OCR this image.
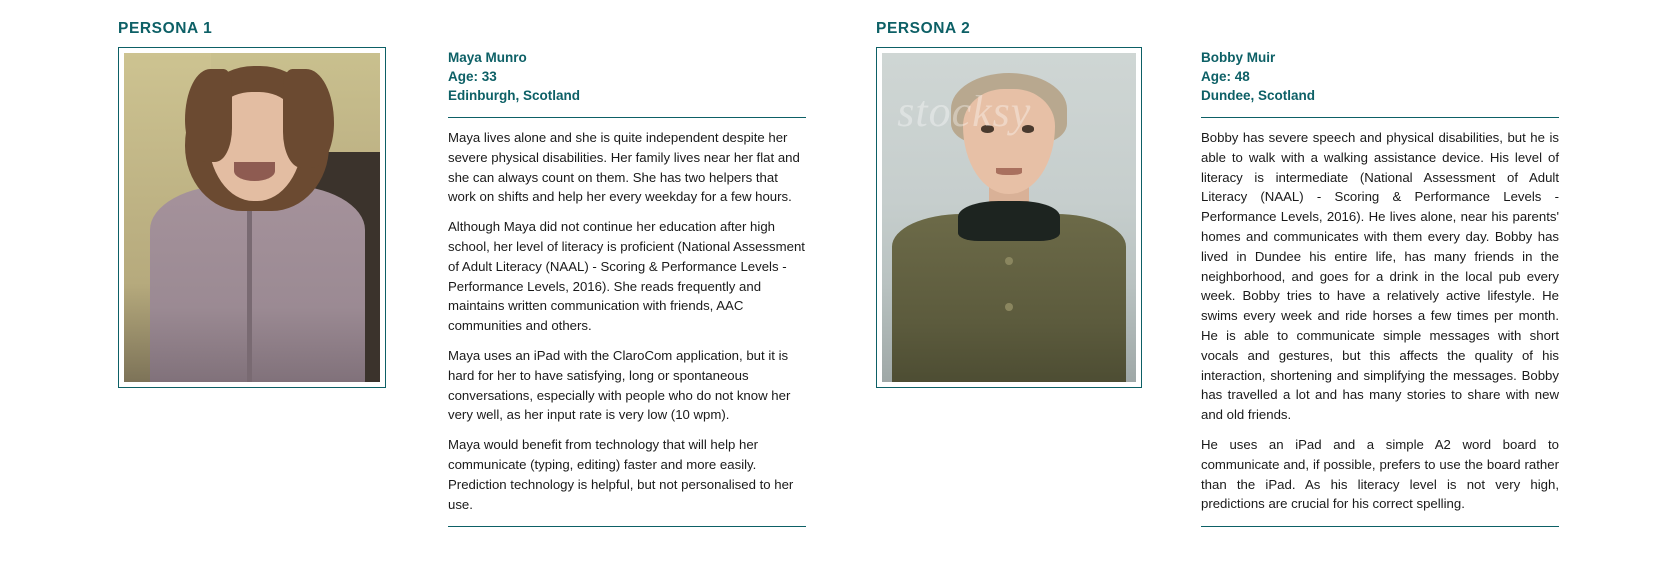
PERSONA 1
Maya Munro
Age: 33
Edinburgh, Scotland

Maya lives alone and she is quite independent despite her severe physical disabilities. Her family lives near her flat and she can always count on them. She has two helpers that work on shifts and help her every weekday for a few hours.

Although Maya did not continue her education after high school, her level of literacy is proficient (National Assessment of Adult Literacy (NAAL) - Scoring & Performance Levels - Performance Levels, 2016). She reads frequently and maintains written communication with friends, AAC communities and others.

Maya uses an iPad with the ClaroCom application, but it is hard for her to have satisfying, long or spontaneous conversations, especially with people who do not know her very well, as her input rate is very low (10 wpm).

Maya would benefit from technology that will help her communicate (typing, editing) faster and more easily. Prediction technology is helpful, but not personalised to her use.

PERSONA 2
stocksy
Bobby Muir
Age: 48
Dundee, Scotland

Bobby has severe speech and physical disabilities, but he is able to walk with a walking assistance device. His level of literacy is intermediate (National Assessment of Adult Literacy (NAAL) - Scoring & Performance Levels - Performance Levels, 2016). He lives alone, near his parents' homes and communicates with them every day. Bobby has lived in Dundee his entire life, has many friends in the neighborhood, and goes for a drink in the local pub every week. Bobby tries to have a relatively active lifestyle. He swims every week and ride horses a few times per month. He is able to communicate simple messages with short vocals and gestures, but this affects the quality of his interaction, shortening and simplifying the messages. Bobby has travelled a lot and has many stories to share with new and old friends.

He uses an iPad and a simple A2 word board to communicate and, if possible, prefers to use the board rather than the iPad. As his literacy level is not very high, predictions are crucial for his correct spelling.
